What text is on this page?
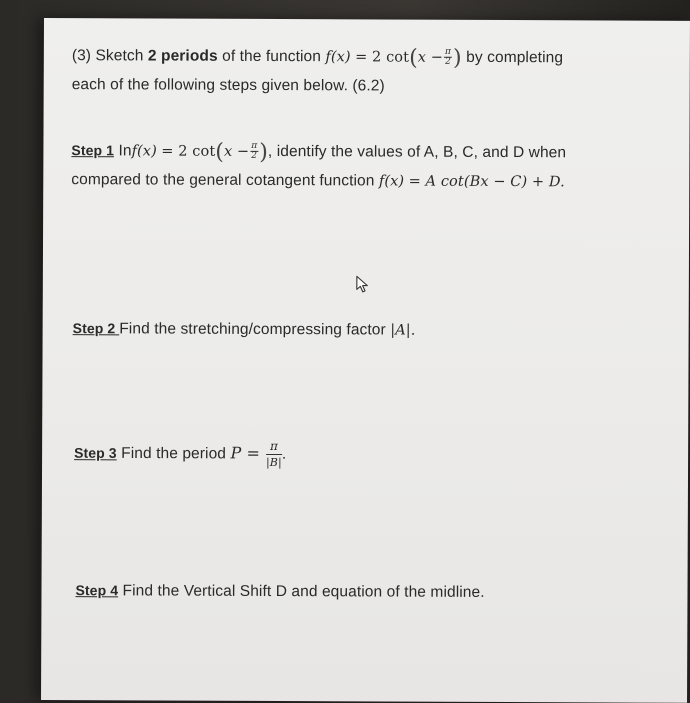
(3) Sketch 2 periods of the function f(x) = 2 $\cot(x - \frac{\pi}{2}$ ) by completing
each of the following steps given below. (6.2)
Step 1 Inf(x) = 2 $\cot(x - \frac{\pi}{2}$ ), identify the values of A, B, C, and D when
compared to the general cotangent function f(x) = A cot(Bx − C) + D.
Step 2 Find the stretching/compressing factor |A|.
Step 3 Find the period $P = \frac{\pi}{|B|}$ .
Step 4 Find the Vertical Shift D and equation of the midline.
